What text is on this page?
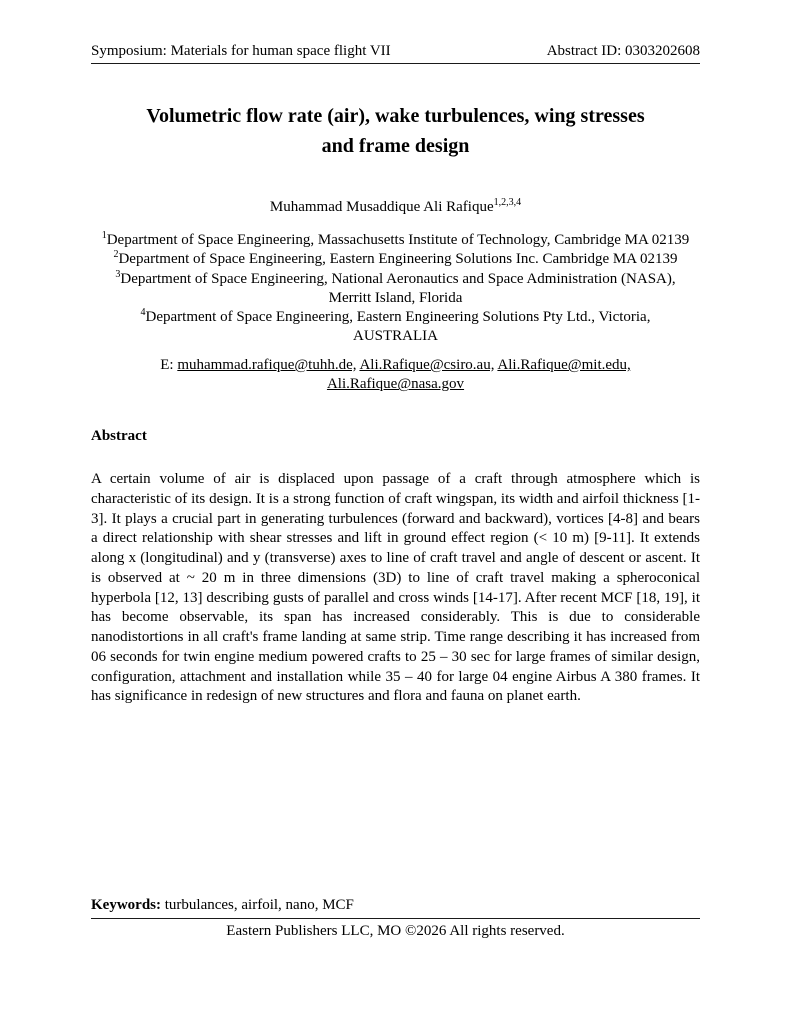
Symposium: Materials for human space flight VII	Abstract ID: 0303202608
Volumetric flow rate (air), wake turbulences, wing stresses
and frame design
Muhammad Musaddique Ali Rafique$^{1,2,3,4}$
$^1$Department of Space Engineering, Massachusetts Institute of Technology, Cambridge MA 02139
$^2$Department of Space Engineering, Eastern Engineering Solutions Inc. Cambridge MA 02139
$^3$Department of Space Engineering, National Aeronautics and Space Administration (NASA),
Merritt Island, Florida
$^4$Department of Space Engineering, Eastern Engineering Solutions Pty Ltd., Victoria,
AUSTRALIA
E: muhammad.rafique@tuhh.de, Ali.Rafique@csiro.au, Ali.Rafique@mit.edu,
Ali.Rafique@nasa.gov
Abstract
A certain volume of air is displaced upon passage of a craft through atmosphere which is characteristic of its design. It is a strong function of craft wingspan, its width and airfoil thickness [1-3]. It plays a crucial part in generating turbulences (forward and backward), vortices [4-8] and bears a direct relationship with shear stresses and lift in ground effect region (< 10 m) [9-11]. It extends along x (longitudinal) and y (transverse) axes to line of craft travel and angle of descent or ascent. It is observed at ~ 20 m in three dimensions (3D) to line of craft travel making a spheroconical hyperbola [12, 13] describing gusts of parallel and cross winds [14-17]. After recent MCF [18, 19], it has become observable, its span has increased considerably. This is due to considerable nanodistortions in all craft's frame landing at same strip. Time range describing it has increased from 06 seconds for twin engine medium powered crafts to 25 – 30 sec for large frames of similar design, configuration, attachment and installation while 35 – 40 for large 04 engine Airbus A 380 frames. It has significance in redesign of new structures and flora and fauna on planet earth.
Keywords: turbulances, airfoil, nano, MCF
Eastern Publishers LLC, MO ©2026 All rights reserved.
